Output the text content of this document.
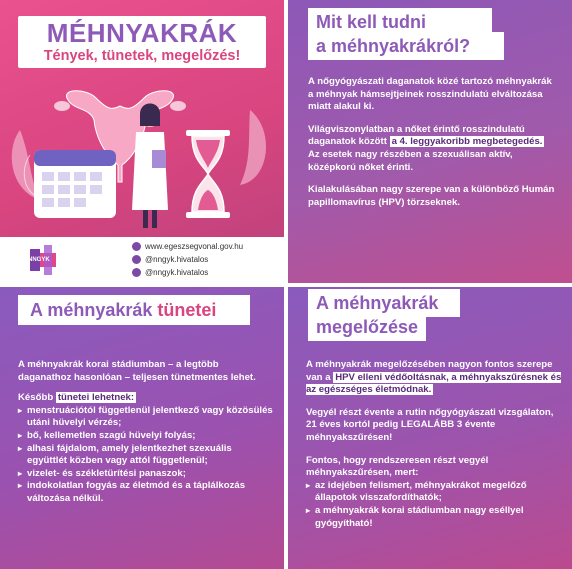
MÉHNYAKRÁK
Tények, tünetek, megelőzés!
NNGYK
www.egeszsegvonal.gov.hu
@nngyk.hivatalos
@nngyk.hivatalos
Mit kell tudni
a méhnyakrákról?
A nőgyógyászati daganatok közé tartozó méhnyakrák a méhnyak hámsejtjeinek rosszindulatú elváltozása miatt alakul ki.
Világviszonylatban a nőket érintő rosszindulatú daganatok között a 4. leggyakoribb megbetegedés. Az esetek nagy részében a szexuálisan aktív, középkorú nőket érinti.
Kialakulásában nagy szerepe van a különböző Humán papillomavírus (HPV) törzseknek.
A méhnyakrák tünetei
A méhnyakrák korai stádiumban – a legtöbb daganathoz hasonlóan – teljesen tünetmentes lehet.
Később tünetei lehetnek:
▸ menstruációtól függetlenül jelentkező vagy közösülés utáni hüvelyi vérzés;
▸ bő, kellemetlen szagú hüvelyi folyás;
▸ alhasi fájdalom, amely jelentkezhet szexuális együttlét közben vagy attól függetlenül;
▸ vizelet- és székletürítési panaszok;
▸ indokolatlan fogyás az életmód és a táplálkozás változása nélkül.
A méhnyakrák
megelőzése
A méhnyakrák megelőzésében nagyon fontos szerepe van a HPV elleni védőoltásnak, a méhnyakszűrésnek és az egészséges életmódnak.
Vegyél részt évente a rutin nőgyógyászati vizsgálaton, 21 éves kortól pedig LEGALÁBB 3 évente méhnyakszűrésen!
Fontos, hogy rendszeresen részt vegyél méhnyakszűrésen, mert:
▸ az idejében felismert, méhnyakrákot megelőző állapotok visszafordíthatók;
▸ a méhnyakrák korai stádiumban nagy eséllyel gyógyítható!
